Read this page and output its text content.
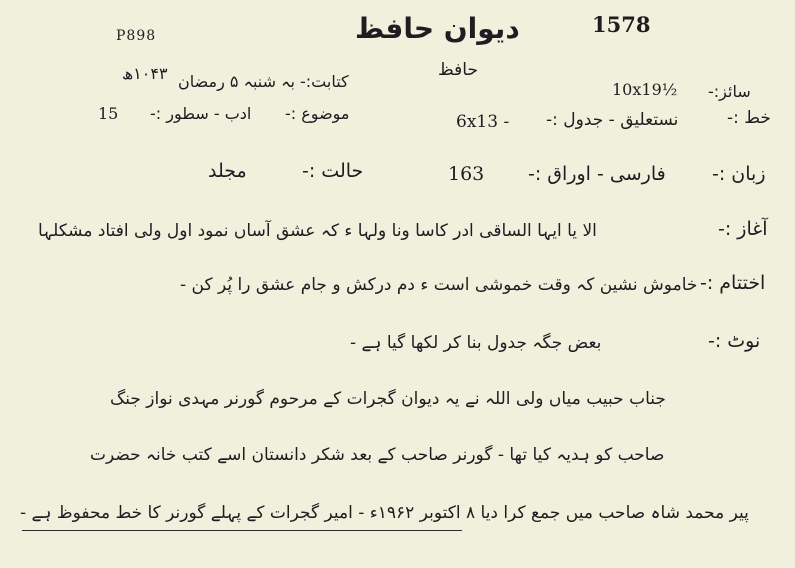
1578
P898	دیوان حافظ
حافظ
سائز:-
10x19½
کتابت:- بہ شنبہ ۵ رمضان
۱۰۴۳ھ
خط :-
نستعلیق - جدول :-
6x13 -
موضوع :-
ادب - سطور :-
15
زبان :-
فارسی - اوراق :-
163
حالت :-
مجلد
آغاز :-
الا یا ایہا الساقی ادر کاسا ونا ولہا ء کہ عشق آساں نمود اول ولی افتاد مشکلہا
اختتام :-
خاموش نشین کہ وقت خموشی است ء دم درکش و جام عشق را پُر کن -
نوٹ :-
بعض جگہ جدول بنا کر لکھا گیا ہے -
جناب حبیب میاں ولی اللہ نے یہ دیوان گجرات کے مرحوم گورنر مہدی نواز جنگ
صاحب کو ہدیہ کیا تھا - گورنر صاحب کے بعد شکر دانستان اسے کتب خانہ حضرت
پیر محمد شاہ صاحب میں جمع کرا دیا ۸ اکتوبر ۱۹۶۲ء - امیر گجرات کے پہلے گورنر کا خط محفوظ ہے -
